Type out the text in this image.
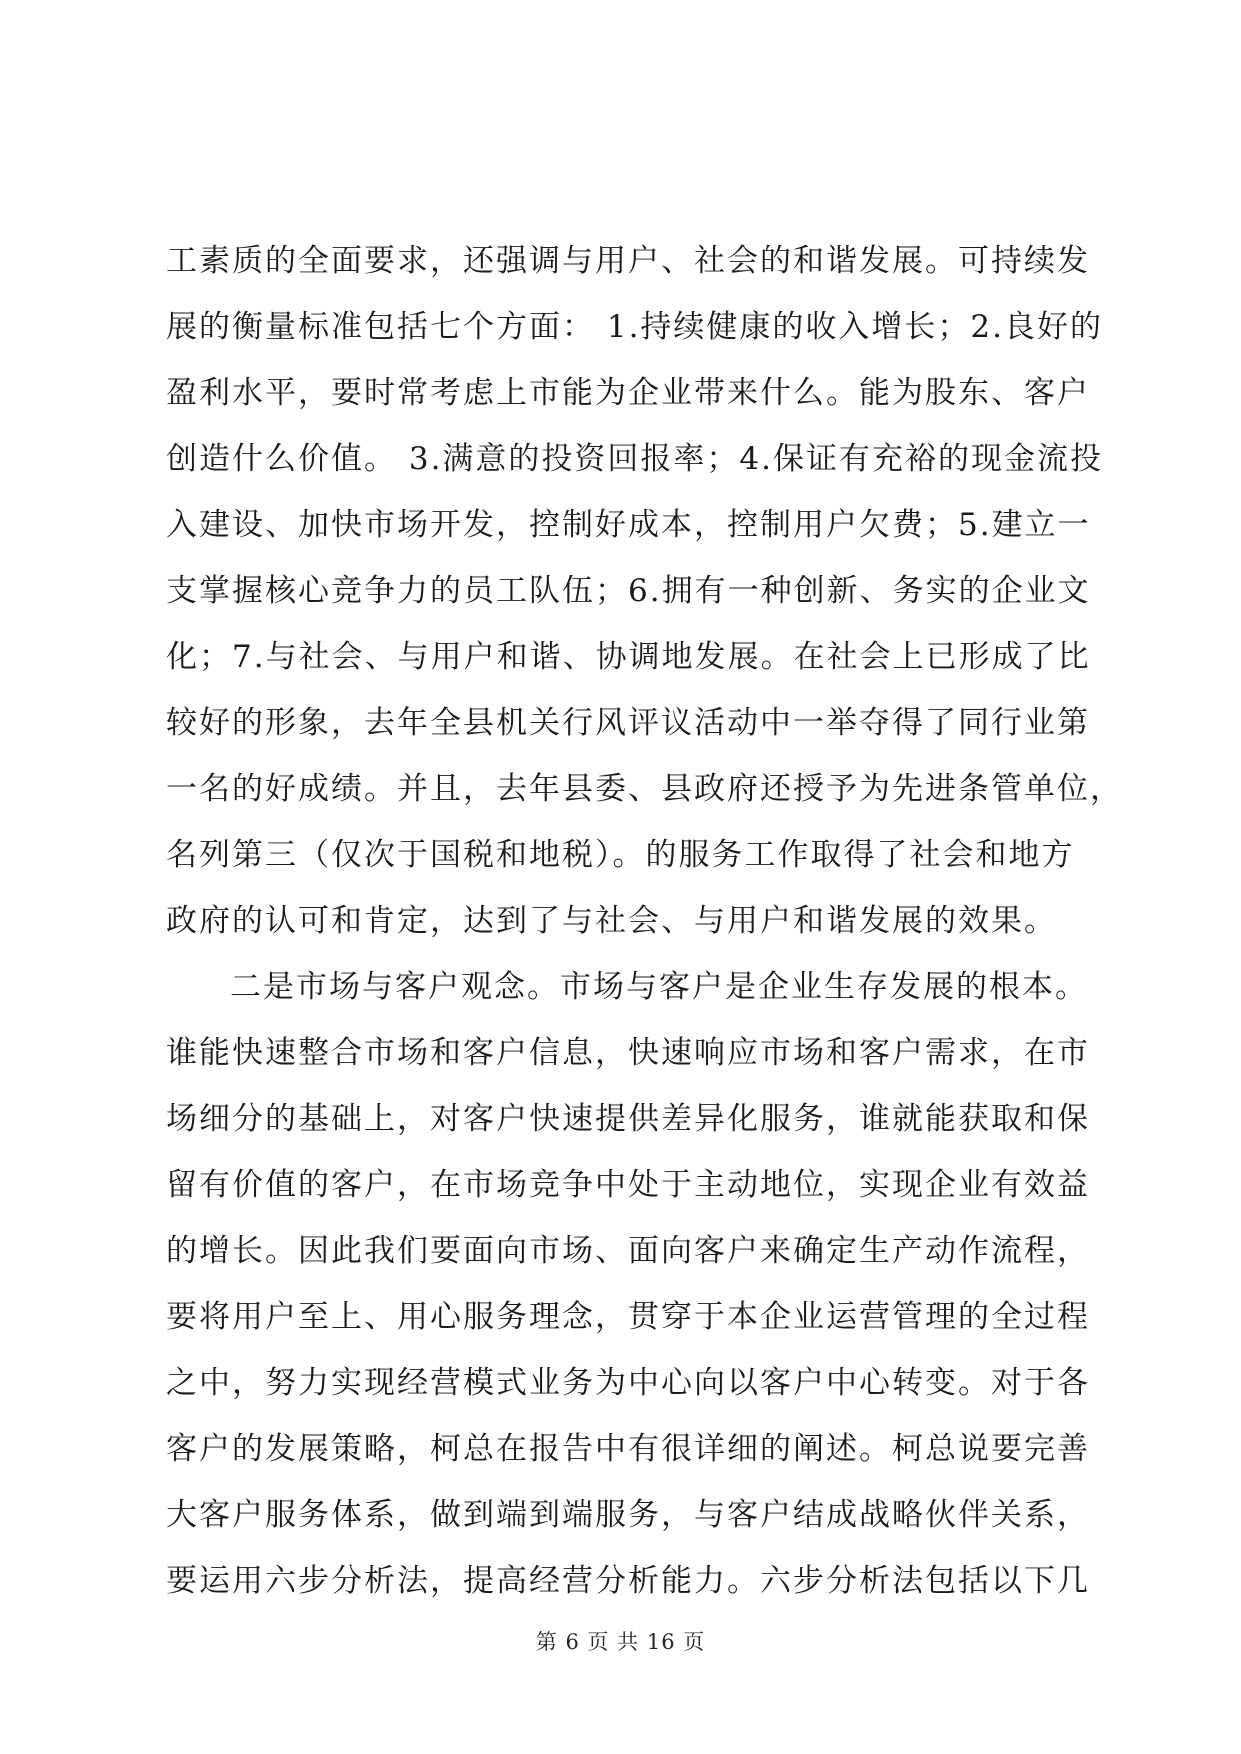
工素质的全面要求，还强调与用户、社会的和谐发展。可持续发
展的衡量标准包括七个方面： 1.持续健康的收入增长；2.良好的
盈利水平，要时常考虑上市能为企业带来什么。能为股东、客户
创造什么价值。 3.满意的投资回报率；4.保证有充裕的现金流投
入建设、加快市场开发，控制好成本，控制用户欠费；5.建立一
支掌握核心竞争力的员工队伍；6.拥有一种创新、务实的企业文
化；7.与社会、与用户和谐、协调地发展。在社会上已形成了比
较好的形象，去年全县机关行风评议活动中一举夺得了同行业第
一名的好成绩。并且，去年县委、县政府还授予为先进条管单位，
名列第三（仅次于国税和地税）。的服务工作取得了社会和地方
政府的认可和肯定，达到了与社会、与用户和谐发展的效果。
二是市场与客户观念。市场与客户是企业生存发展的根本。
谁能快速整合市场和客户信息，快速响应市场和客户需求，在市
场细分的基础上，对客户快速提供差异化服务，谁就能获取和保
留有价值的客户，在市场竞争中处于主动地位，实现企业有效益
的增长。因此我们要面向市场、面向客户来确定生产动作流程，
要将用户至上、用心服务理念，贯穿于本企业运营管理的全过程
之中，努力实现经营模式业务为中心向以客户中心转变。对于各
客户的发展策略，柯总在报告中有很详细的阐述。柯总说要完善
大客户服务体系，做到端到端服务，与客户结成战略伙伴关系，
要运用六步分析法，提高经营分析能力。六步分析法包括以下几
第 6 页 共 16 页
